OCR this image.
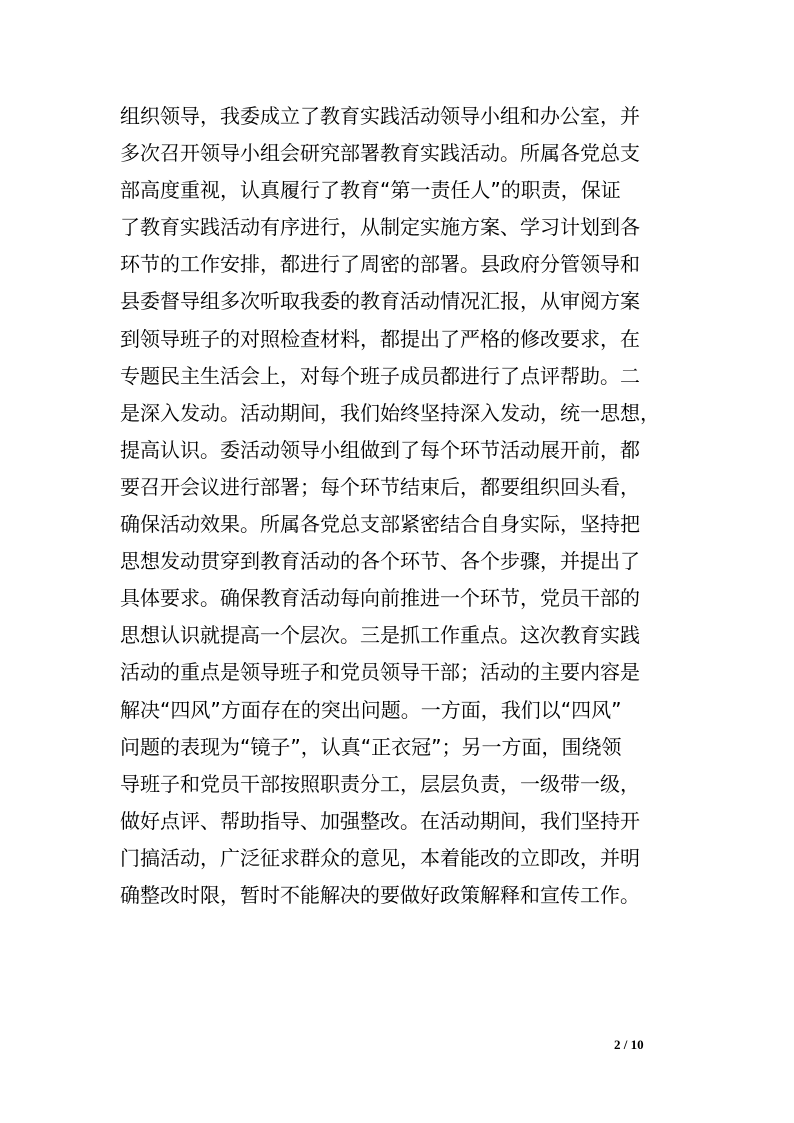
组织领导，我委成立了教育实践活动领导小组和办公室，并
多次召开领导小组会研究部署教育实践活动。所属各党总支
部高度重视，认真履行了教育“第一责任人”的职责，保证
了教育实践活动有序进行，从制定实施方案、学习计划到各
环节的工作安排，都进行了周密的部署。县政府分管领导和
县委督导组多次听取我委的教育活动情况汇报，从审阅方案
到领导班子的对照检查材料，都提出了严格的修改要求，在
专题民主生活会上，对每个班子成员都进行了点评帮助。二
是深入发动。活动期间，我们始终坚持深入发动，统一思想，
提高认识。委活动领导小组做到了每个环节活动展开前，都
要召开会议进行部署；每个环节结束后，都要组织回头看，
确保活动效果。所属各党总支部紧密结合自身实际，坚持把
思想发动贯穿到教育活动的各个环节、各个步骤，并提出了
具体要求。确保教育活动每向前推进一个环节，党员干部的
思想认识就提高一个层次。三是抓工作重点。这次教育实践
活动的重点是领导班子和党员领导干部；活动的主要内容是
解决“四风”方面存在的突出问题。一方面，我们以“四风”
问题的表现为“镜子”，认真“正衣冠”；另一方面，围绕领
导班子和党员干部按照职责分工，层层负责，一级带一级，
做好点评、帮助指导、加强整改。在活动期间，我们坚持开
门搞活动，广泛征求群众的意见，本着能改的立即改，并明
确整改时限，暂时不能解决的要做好政策解释和宣传工作。
2 / 10
